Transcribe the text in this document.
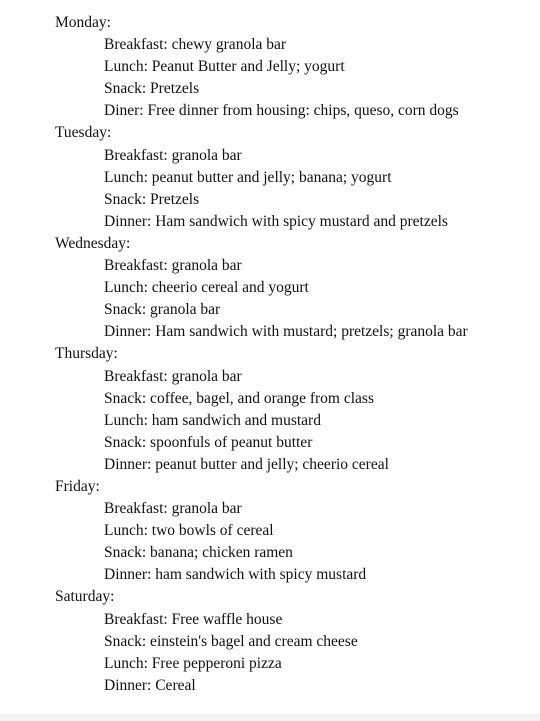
Monday:
Breakfast: chewy granola bar
Lunch: Peanut Butter and Jelly; yogurt
Snack: Pretzels
Diner: Free dinner from housing: chips, queso, corn dogs
Tuesday:
Breakfast: granola bar
Lunch: peanut butter and jelly; banana; yogurt
Snack: Pretzels
Dinner: Ham sandwich with spicy mustard and pretzels
Wednesday:
Breakfast: granola bar
Lunch: cheerio cereal and yogurt
Snack: granola bar
Dinner: Ham sandwich with mustard; pretzels; granola bar
Thursday:
Breakfast: granola bar
Snack: coffee, bagel, and orange from class
Lunch: ham sandwich and mustard
Snack: spoonfuls of peanut butter
Dinner: peanut butter and jelly; cheerio cereal
Friday:
Breakfast: granola bar
Lunch: two bowls of cereal
Snack: banana; chicken ramen
Dinner: ham sandwich with spicy mustard
Saturday:
Breakfast: Free waffle house
Snack: einstein's bagel and cream cheese
Lunch: Free pepperoni pizza
Dinner: Cereal
